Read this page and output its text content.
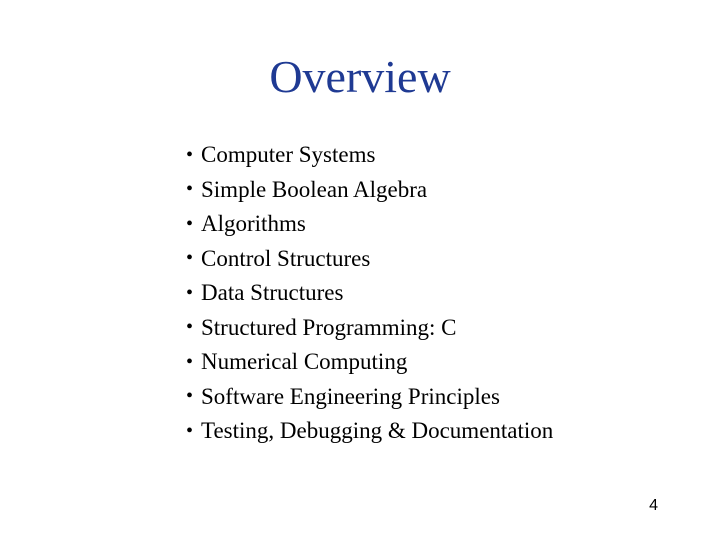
Overview
• Computer Systems
• Simple Boolean Algebra
• Algorithms
• Control Structures
• Data Structures
• Structured Programming: C
• Numerical Computing
• Software Engineering Principles
• Testing, Debugging & Documentation
4
